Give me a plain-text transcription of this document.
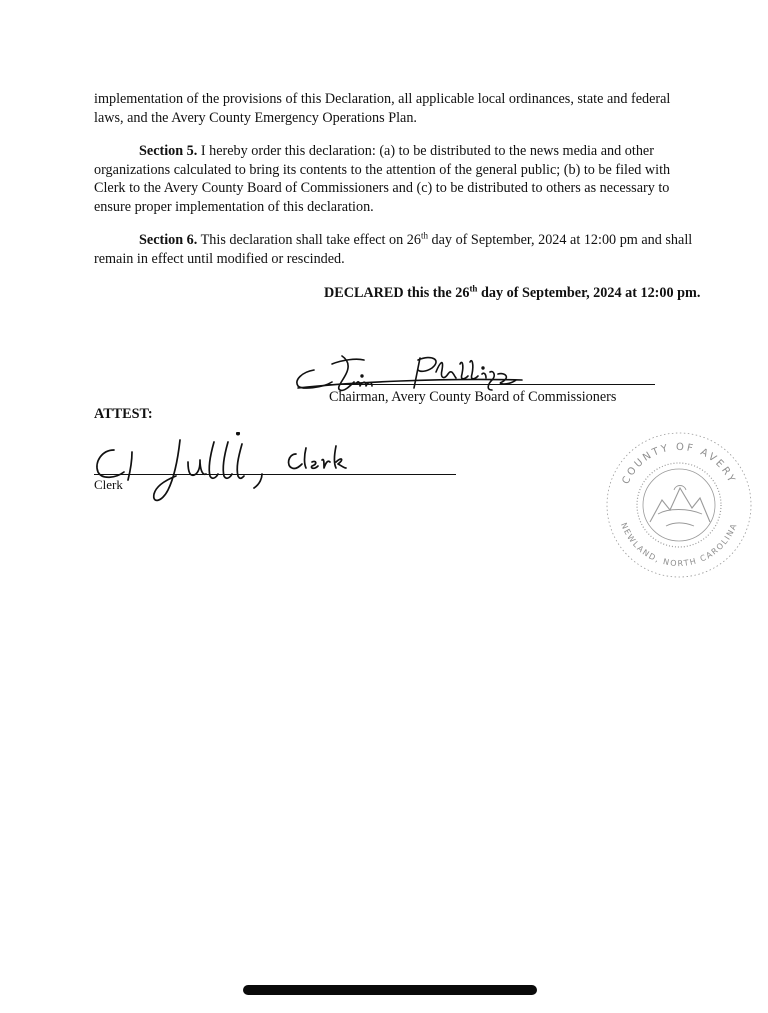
implementation of the provisions of this Declaration, all applicable local ordinances, state and federal laws, and the Avery County Emergency Operations Plan.

Section 5. I hereby order this declaration: (a) to be distributed to the news media and other organizations calculated to bring its contents to the attention of the general public; (b) to be filed with Clerk to the Avery County Board of Commissioners and (c) to be distributed to others as necessary to ensure proper implementation of this declaration.

Section 6. This declaration shall take effect on 26th day of September, 2024 at 12:00 pm and shall remain in effect until modified or rescinded.

DECLARED this the 26th day of September, 2024 at 12:00 pm.
Chairman, Avery County Board of Commissioners
ATTEST:
Clerk	COUNTY OF AVERY
NEWLAND, NORTH CAROLINA
